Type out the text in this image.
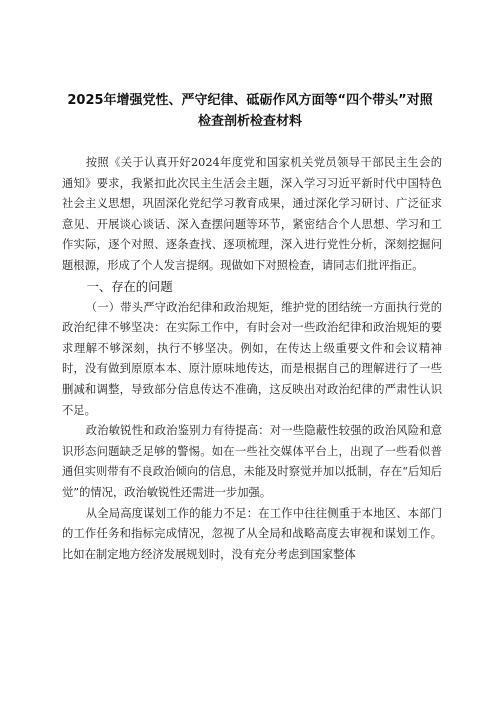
2025年增强党性、严守纪律、砥砺作风方面等“四个带头”对照
检查剖析检查材料

按照《关于认真开好2024年度党和国家机关党员领导干部民主生会的通知》要求，我紧扣此次民主生活会主题，深入学习习近平新时代中国特色社会主义思想，巩固深化党纪学习教育成果，通过深化学习研讨、广泛征求意见、开展谈心谈话、深入查摆问题等环节，紧密结合个人思想、学习和工作实际，逐个对照、逐条查找、逐项梳理，深入进行党性分析，深刻挖掘问题根源，形成了个人发言提纲。现做如下对照检查，请同志们批评指正。

一、存在的问题

（一）带头严守政治纪律和政治规矩，维护党的团结统一方面执行党的政治纪律不够坚决：在实际工作中，有时会对一些政治纪律和政治规矩的要求理解不够深刻，执行不够坚决。例如，在传达上级重要文件和会议精神时，没有做到原原本本、原汁原味地传达，而是根据自己的理解进行了一些删减和调整，导致部分信息传达不准确，这反映出对政治纪律的严肃性认识不足。

政治敏锐性和政治鉴别力有待提高：对一些隐蔽性较强的政治风险和意识形态问题缺乏足够的警惕。如在一些社交媒体平台上，出现了一些看似普通但实则带有不良政治倾向的信息，未能及时察觉并加以抵制，存在“后知后觉”的情况，政治敏锐性还需进一步加强。

从全局高度谋划工作的能力不足：在工作中往往侧重于本地区、本部门的工作任务和指标完成情况，忽视了从全局和战略高度去审视和谋划工作。比如在制定地方经济发展规划时，没有充分考虑到国家整体
